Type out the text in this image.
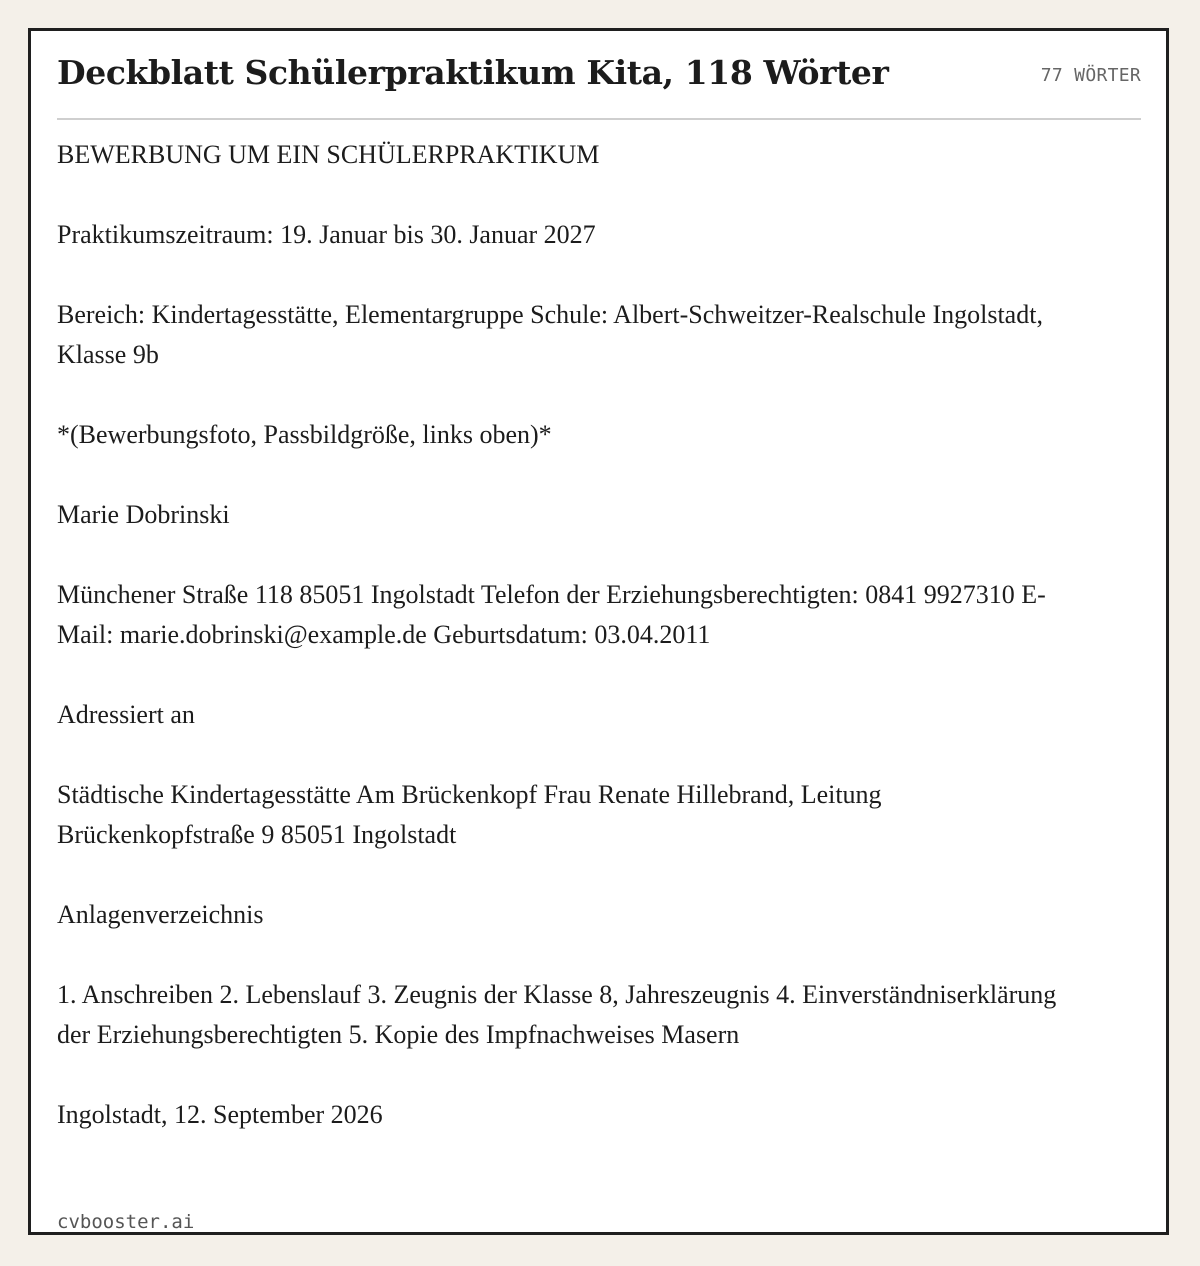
Deckblatt Schülerpraktikum Kita, 118 Wörter	77 WÖRTER

BEWERBUNG UM EIN SCHÜLERPRAKTIKUM

Praktikumszeitraum: 19. Januar bis 30. Januar 2027

Bereich: Kindertagesstätte, Elementargruppe Schule: Albert-Schweitzer-Realschule Ingolstadt, Klasse 9b

*(Bewerbungsfoto, Passbildgröße, links oben)*

Marie Dobrinski

Münchener Straße 118 85051 Ingolstadt Telefon der Erziehungsberechtigten: 0841 9927310 E-Mail: marie.dobrinski@example.de Geburtsdatum: 03.04.2011

Adressiert an

Städtische Kindertagesstätte Am Brückenkopf Frau Renate Hillebrand, Leitung Brückenkopfstraße 9 85051 Ingolstadt

Anlagenverzeichnis

1. Anschreiben 2. Lebenslauf 3. Zeugnis der Klasse 8, Jahreszeugnis 4. Einverständniserklärung der Erziehungsberechtigten 5. Kopie des Impfnachweises Masern

Ingolstadt, 12. September 2026

cvbooster.ai
